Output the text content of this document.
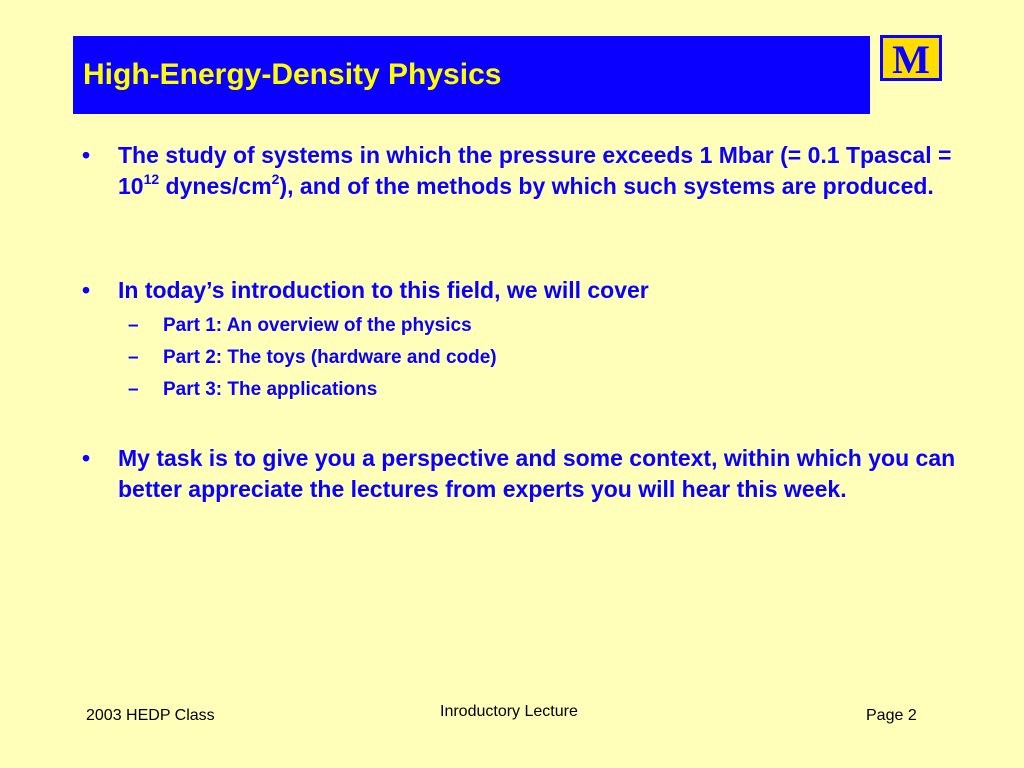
High-Energy-Density Physics	M
• The study of systems in which the pressure exceeds 1 Mbar (= 0.1 Tpascal = $10^{12}$ dynes/$cm^2$), and of the methods by which such systems are produced.
• In today’s introduction to this field, we will cover
– Part 1: An overview of the physics
– Part 2: The toys (hardware and code)
– Part 3: The applications
• My task is to give you a perspective and some context, within which you can better appreciate the lectures from experts you will hear this week.
2003 HEDP Class	Inroductory Lecture	Page 2
